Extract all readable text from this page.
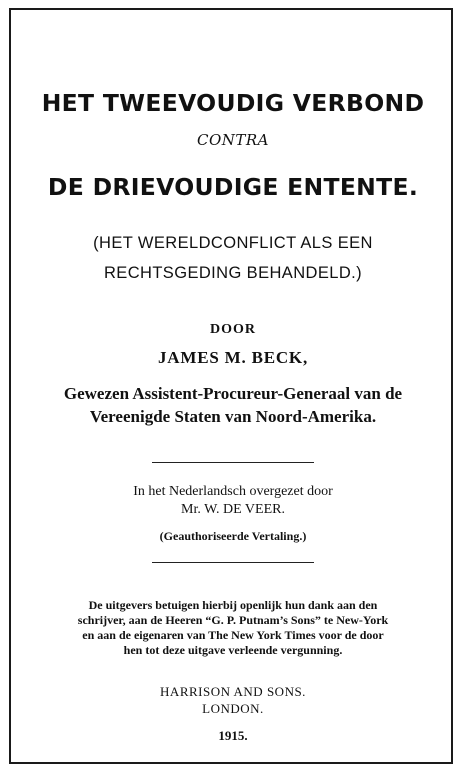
HET TWEEVOUDIG VERBOND
CONTRA
DE DRIEVOUDIGE ENTENTE.
(HET WERELDCONFLICT ALS EEN
RECHTSGEDING BEHANDELD.)
DOOR
JAMES M. BECK,
Gewezen Assistent-Procureur-Generaal van de
Vereenigde Staten van Noord-Amerika.
In het Nederlandsch overgezet door
Mr. W. DE VEER.
(Geauthoriseerde Vertaling.)
De uitgevers betuigen hierbij openlijk hun dank aan den
schrijver, aan de Heeren “G. P. Putnam’s Sons” te New-York
en aan de eigenaren van The New York Times voor de door
hen tot deze uitgave verleende vergunning.
HARRISON AND SONS.
LONDON.
1915.
